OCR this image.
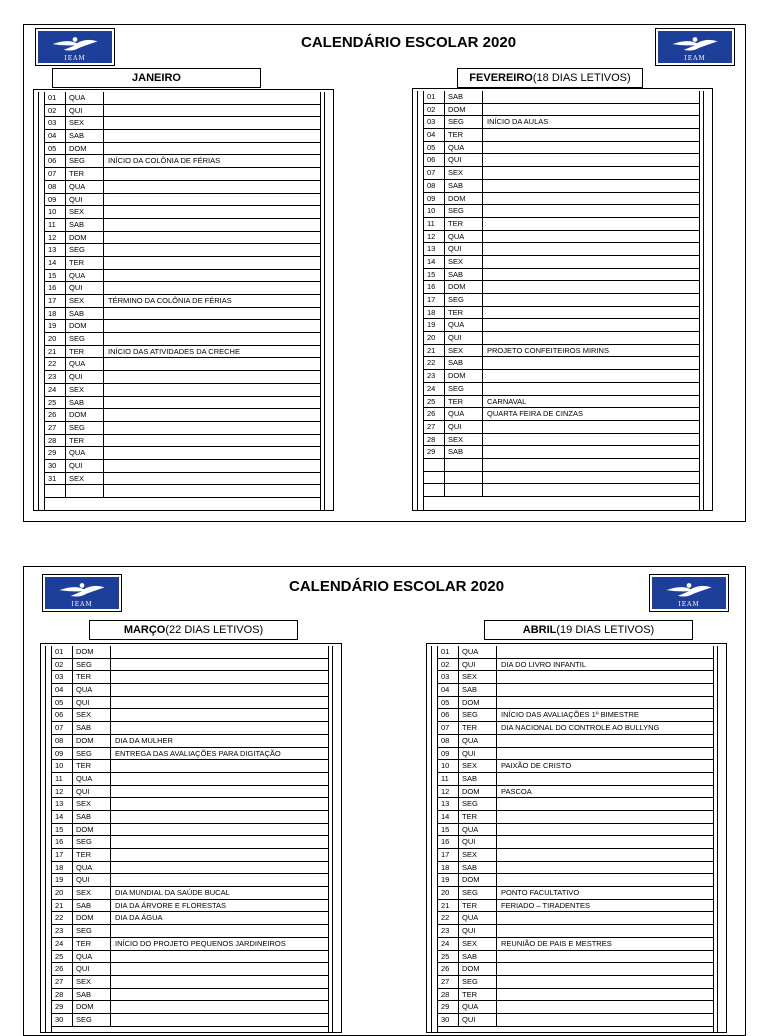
IEAM	IEAM
CALENDÁRIO ESCOLAR 2020
JANEIRO	FEVEREIRO (18 DIAS LETIVOS)
01	QUA
02	QUI
03	SEX
04	SAB
05	DOM
06	SEG	INÍCIO DA COLÔNIA DE FÉRIAS
07	TER
08	QUA
09	QUI
10	SEX
11	SAB
12	DOM
13	SEG
14	TER
15	QUA
16	QUI
17	SEX	TÉRMINO DA COLÔNIA DE FÉRIAS
18	SAB
19	DOM
20	SEG
21	TER	INÍCIO DAS ATIVIDADES DA CRECHE
22	QUA
23	QUI
24	SEX
25	SAB
26	DOM
27	SEG
28	TER
29	QUA
30	QUI
31	SEX
01	SAB
02	DOM
03	SEG	INÍCIO DA AULAS
04	TER
05	QUA
06	QUI
07	SEX
08	SAB
09	DOM
10	SEG
11	TER
12	QUA
13	QUI
14	SEX
15	SAB
16	DOM
17	SEG
18	TER
19	QUA
20	QUI
21	SEX	PROJETO CONFEITEIROS MIRINS
22	SAB
23	DOM
24	SEG
25	TER	CARNAVAL
26	QUA	QUARTA FEIRA DE CINZAS
27	QUI
28	SEX
29	SAB
IEAM	IEAM
CALENDÁRIO ESCOLAR 2020
MARÇO (22 DIAS LETIVOS)	ABRIL (19 DIAS LETIVOS)
01	DOM
02	SEG
03	TER
04	QUA
05	QUI
06	SEX
07	SAB
08	DOM	DIA DA MULHER
09	SEG	ENTREGA DAS AVALIAÇÕES PARA DIGITAÇÃO
10	TER
11	QUA
12	QUI
13	SEX
14	SAB
15	DOM
16	SEG
17	TER
18	QUA
19	QUI
20	SEX	DIA MUNDIAL DA SAÚDE BUCAL
21	SAB	DIA DA ÁRVORE E FLORESTAS
22	DOM	DIA DA ÁGUA
23	SEG
24	TER	INÍCIO DO PROJETO PEQUENOS JARDINEIROS
25	QUA
26	QUI
27	SEX
28	SAB
29	DOM
30	SEG
01	QUA
02	QUI	DIA DO LIVRO INFANTIL
03	SEX
04	SAB
05	DOM
06	SEG	INÍCIO DAS AVALIAÇÕES 1º BIMESTRE
07	TER	DIA NACIONAL DO CONTROLE AO BULLYNG
08	QUA
09	QUI
10	SEX	PAIXÃO DE CRISTO
11	SAB
12	DOM	PASCOA
13	SEG
14	TER
15	QUA
16	QUI
17	SEX
18	SAB
19	DOM
20	SEG	PONTO FACULTATIVO
21	TER	FERIADO – TIRADENTES
22	QUA
23	QUI
24	SEX	REUNIÃO DE PAIS E MESTRES
25	SAB
26	DOM
27	SEG
28	TER
29	QUA
30	QUI
